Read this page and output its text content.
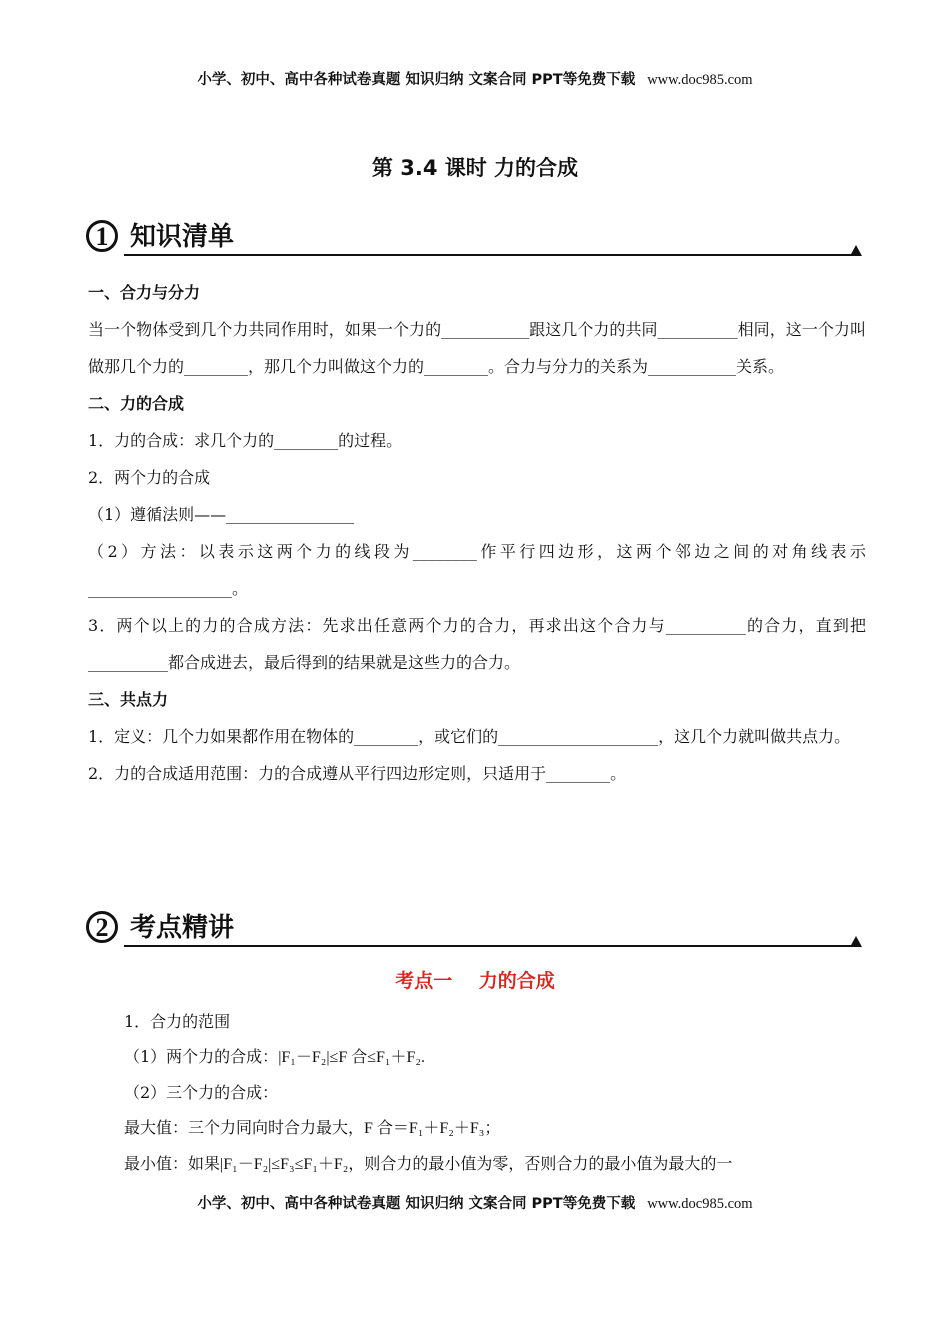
小学、初中、高中各种试卷真题 知识归纳 文案合同 PPT等免费下载 www.doc985.com
第 3.4 课时 力的合成
1 知识清单

一、合力与分力

当一个物体受到几个力共同作用时，如果一个力的___________跟这几个力的共同__________相同，这一个力叫做那几个力的________，那几个力叫做这个力的________。合力与分力的关系为___________关系。

二、力的合成

1．力的合成：求几个力的________的过程。

2．两个力的合成

（1）遵循法则——________________

（2）方法：以表示这两个力的线段为________作平行四边形，这两个邻边之间的对角线表示__________________。

3．两个以上的力的合成方法：先求出任意两个力的合力，再求出这个合力与__________的合力，直到把__________都合成进去，最后得到的结果就是这些力的合力。

三、共点力

1．定义：几个力如果都作用在物体的________，或它们的____________________，这几个力就叫做共点力。

2．力的合成适用范围：力的合成遵从平行四边形定则，只适用于________。

2 考点精讲
考点一    力的合成

1．合力的范围

（1）两个力的合成：|F₁－F₂|≤F 合≤F₁＋F₂.

（2）三个力的合成：

最大值：三个力同向时合力最大，F 合＝F₁＋F₂＋F₃；

最小值：如果|F₁－F₂|≤F₃≤F₁＋F₂，则合力的最小值为零，否则合力的最小值为最大的一

小学、初中、高中各种试卷真题 知识归纳 文案合同 PPT等免费下载 www.doc985.com
